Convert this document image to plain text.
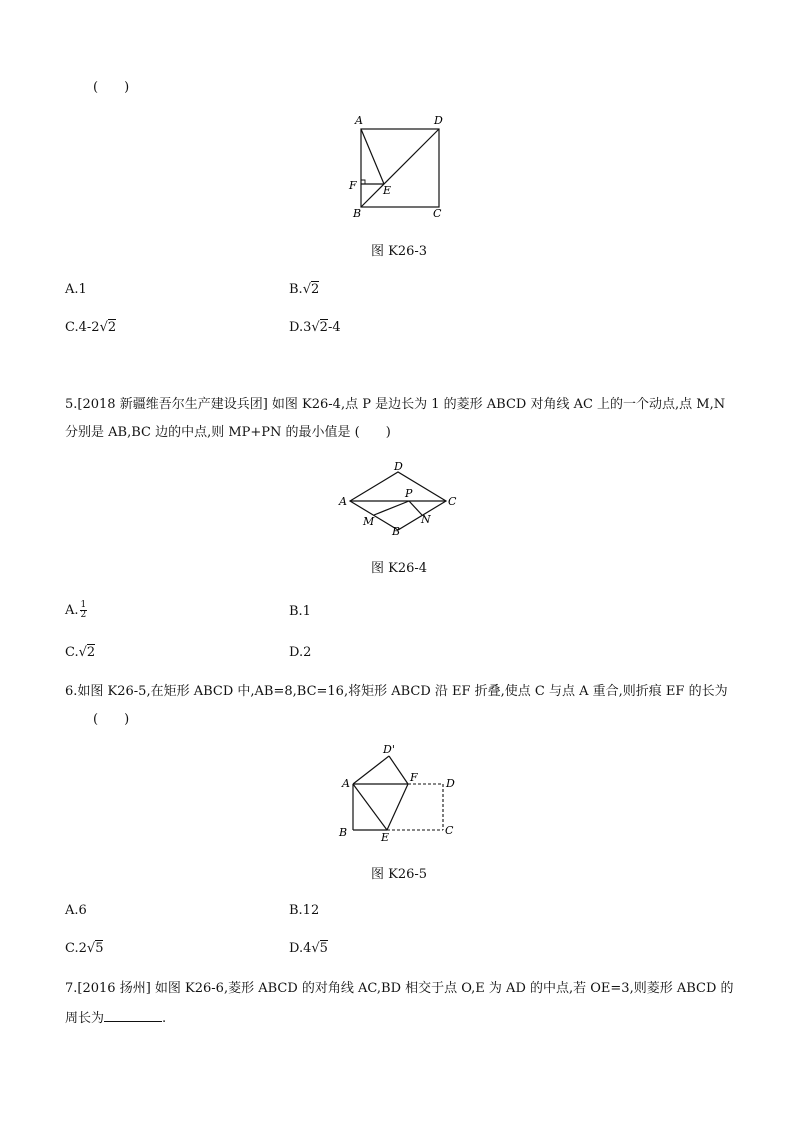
(　　)
A	D
F E
B	C
图 K26-3
A.1	B.√2
C.4-2√2	D.3√2-4
5.[2018 新疆维吾尔生产建设兵团] 如图 K26-4,点 P 是边长为 1 的菱形 ABCD 对角线 AC 上的一个动点,点 M,N
分别是 AB,BC 边的中点,则 MP+PN 的最小值是 (　　)
D
A
P
C
M	N
B
图 K26-4
A. $\frac{1}{2}$	B.1
C.√2	D.2
6.如图 K26-5,在矩形 ABCD 中,AB=8,BC=16,将矩形 ABCD 沿 EF 折叠,使点 C 与点 A 重合,则折痕 EF 的长为
(　　)
D'
A	F	D
B	E
C
图 K26-5
A.6	B.12
C.2√5	D.4√5
7.[2016 扬州] 如图 K26-6,菱形 ABCD 的对角线 AC,BD 相交于点 O,E 为 AD 的中点,若 OE=3,则菱形 ABCD 的
周长为	.
